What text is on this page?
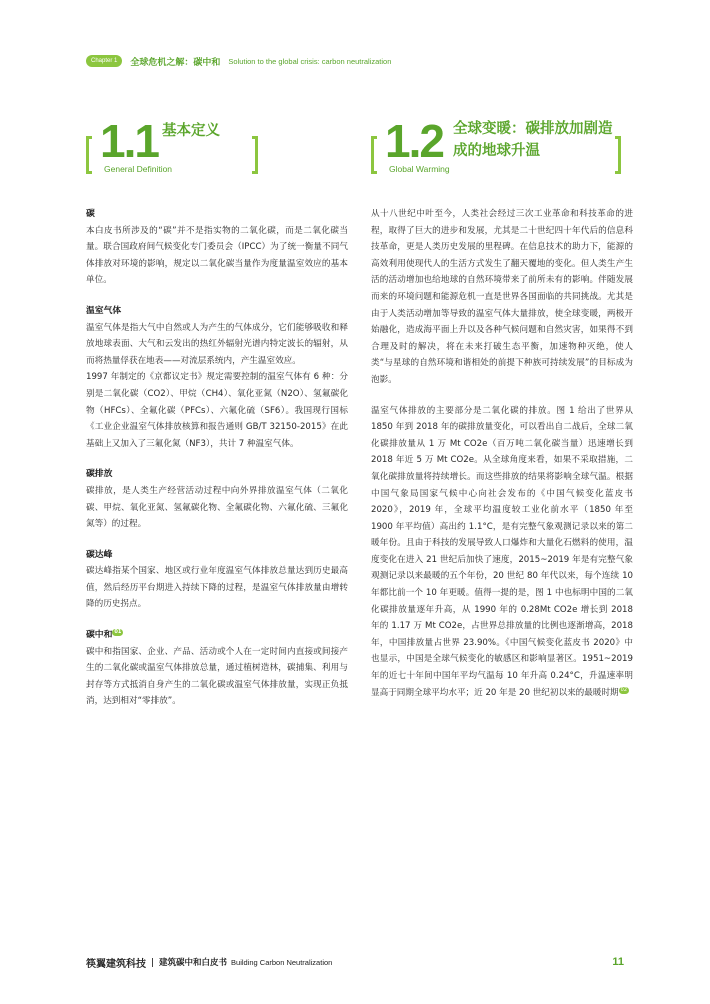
Chapter 1	全球危机之解：碳中和 Solution to the global crisis: carbon neutralization
1.1 基本定义
General Definition
1.2 全球变暖：碳排放加剧造成的地球升温
Global Warming

碳

本白皮书所涉及的“碳”并不是指实物的二氧化碳，而是二氧化碳当量。联合国政府间气候变化专门委员会（IPCC）为了统一衡量不同气体排放对环境的影响，规定以二氧化碳当量作为度量温室效应的基本单位。

温室气体

温室气体是指大气中自然或人为产生的气体成分，它们能够吸收和释放地球表面、大气和云发出的热红外辐射光谱内特定波长的辐射，从而将热量俘获在地表——对流层系统内，产生温室效应。

1997 年制定的《京都议定书》规定需要控制的温室气体有 6 种：分别是二氧化碳（CO2）、甲烷（CH4）、氧化亚氮（N2O）、氢氟碳化物（HFCs）、全氟化碳（PFCs）、六氟化硫（SF6）。我国现行国标《工业企业温室气体排放核算和报告通则 GB/T 32150-2015》在此基础上又加入了三氟化氮（NF3），共计 7 种温室气体。

碳排放

碳排放，是人类生产经营活动过程中向外界排放温室气体（二氧化碳、甲烷、氧化亚氮、氢氟碳化物、全氟碳化物、六氟化硫、三氟化氮等）的过程。

碳达峰

碳达峰指某个国家、地区或行业年度温室气体排放总量达到历史最高值，然后经历平台期进入持续下降的过程，是温室气体排放量由增转降的历史拐点。

碳中和 01

碳中和指国家、企业、产品、活动或个人在一定时间内直接或间接产生的二氧化碳或温室气体排放总量，通过植树造林，碳捕集、利用与封存等方式抵消自身产生的二氧化碳或温室气体排放量，实现正负抵消，达到相对“零排放”。

从十八世纪中叶至今，人类社会经过三次工业革命和科技革命的进程，取得了巨大的进步和发展，尤其是二十世纪四十年代后的信息科技革命，更是人类历史发展的里程碑。在信息技术的助力下，能源的高效利用使现代人的生活方式发生了翻天覆地的变化。但人类生产生活的活动增加也给地球的自然环境带来了前所未有的影响。伴随发展而来的环境问题和能源危机一直是世界各国面临的共同挑战。尤其是由于人类活动增加等导致的温室气体大量排放，使全球变暖，两极开始融化，造成海平面上升以及各种气候问题和自然灾害，如果得不到合理及时的解决，将在未来打破生态平衡，加速物种灭绝，使人类“与星球的自然环境和谐相处的前提下种族可持续发展”的目标成为泡影。

温室气体排放的主要部分是二氧化碳的排放。图 1 给出了世界从 1850 年到 2018 年的碳排放量变化，可以看出自二战后，全球二氧化碳排放量从 1 万 Mt CO2e（百万吨二氧化碳当量）迅速增长到 2018 年近 5 万 Mt CO2e。从全球角度来看，如果不采取措施，二氧化碳排放量将持续增长。而这些排放的结果将影响全球气温。根据中国气象局国家气候中心向社会发布的《中国气候变化蓝皮书 2020》，2019 年，全球平均温度较工业化前水平（1850 年至 1900 年平均值）高出约 1.1°C，是有完整气象观测记录以来的第二暖年份。且由于科技的发展导致人口爆炸和大量化石燃料的使用，温度变化在进入 21 世纪后加快了速度，2015~2019 年是有完整气象观测记录以来最暖的五个年份，20 世纪 80 年代以来，每个连续 10 年都比前一个 10 年更暖。值得一提的是，图 1 中也标明中国的二氧化碳排放量逐年升高，从 1990 年的 0.28Mt CO2e 增长到 2018 年的 1.17 万 Mt CO2e，占世界总排放量的比例也逐渐增高，2018 年，中国排放量占世界 23.90%。《中国气候变化蓝皮书 2020》中也显示，中国是全球气候变化的敏感区和影响显著区。1951~2019 年的近七十年间中国年平均气温每 10 年升高 0.24°C，升温速率明显高于同期全球平均水平；近 20 年是 20 世纪初以来的最暖时期 02

筷翼建筑科技 建筑碳中和白皮书 Building Carbon Neutralization	11
